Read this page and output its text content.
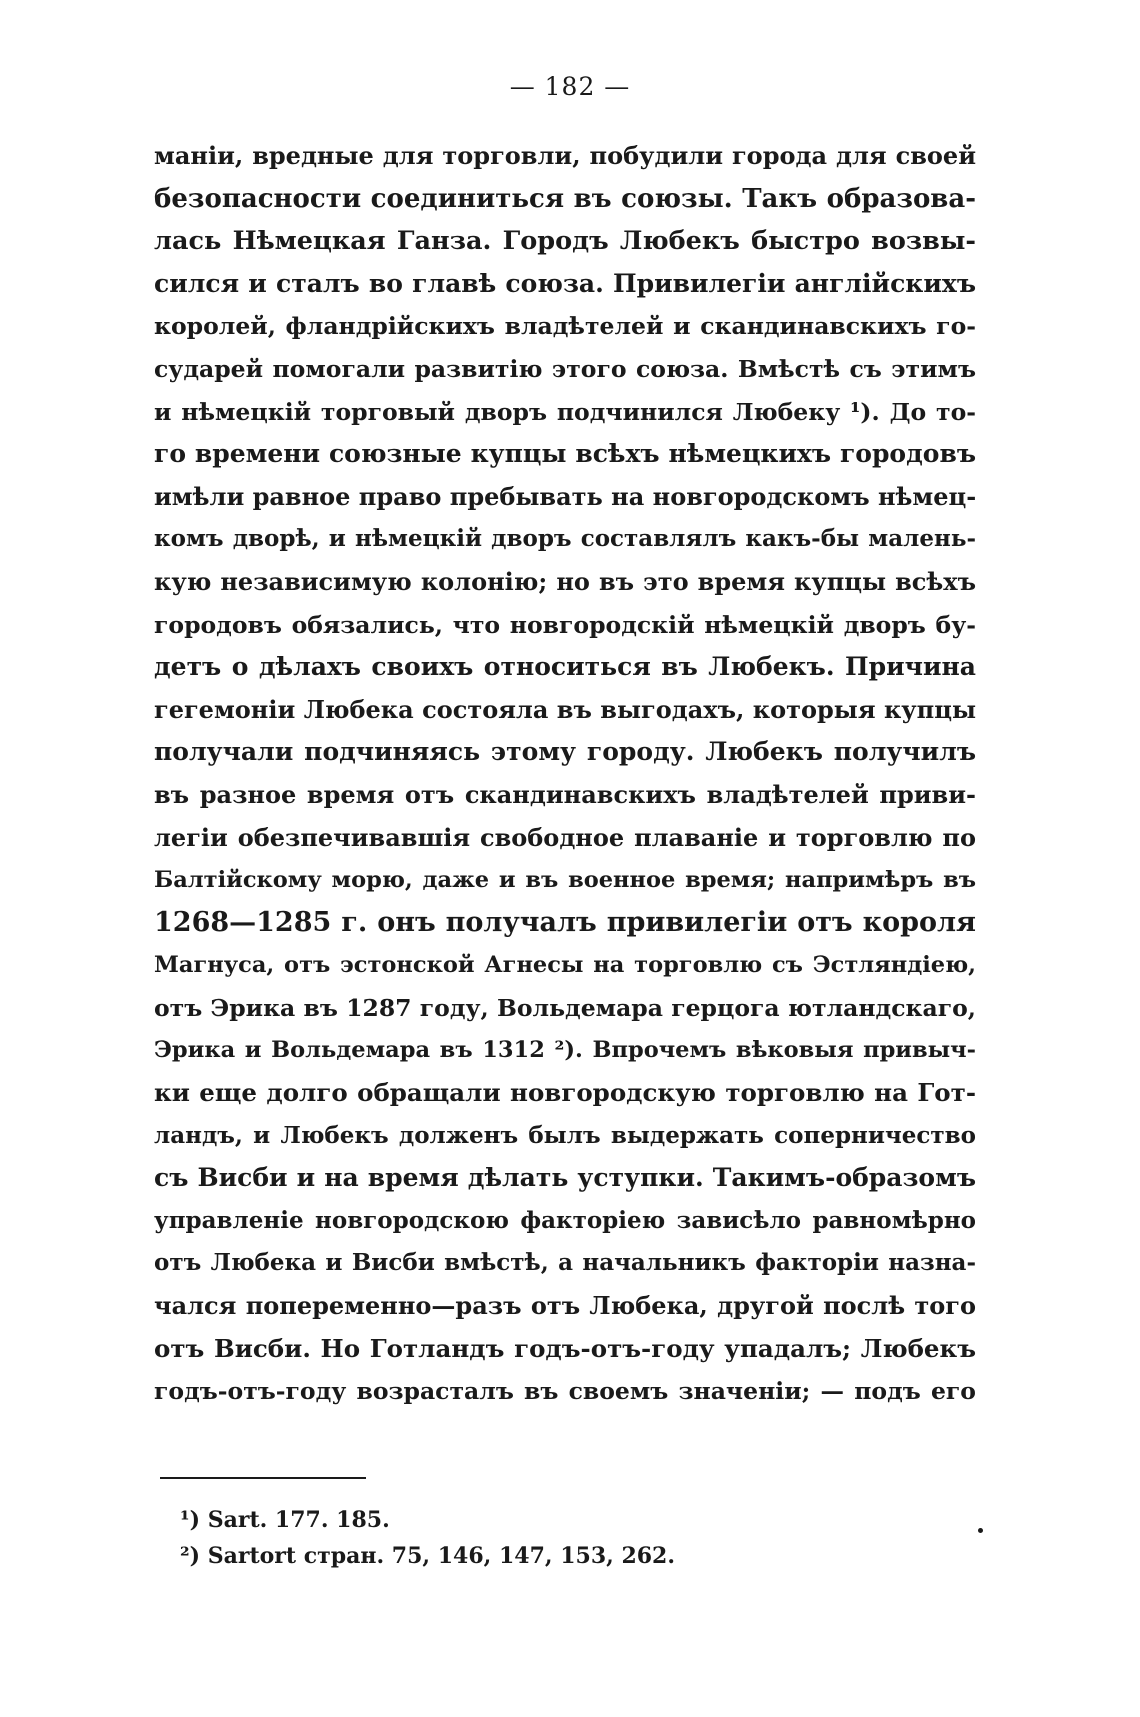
— 182 —
маніи, вредные для торговли, побудили города для своей
безопасности соединиться въ союзы. Такъ образова-
лась Нѣмецкая Ганза. Городъ Любекъ быстро возвы-
сился и сталъ во главѣ союза. Привилегіи англійскихъ
королей, фландрійскихъ владѣтелей и скандинавскихъ го-
сударей помогали развитію этого союза. Вмѣстѣ съ этимъ
и нѣмецкій торговый дворъ подчинился Любеку ¹). До то-
го времени союзные купцы всѣхъ нѣмецкихъ городовъ
имѣли равное право пребывать на новгородскомъ нѣмец-
комъ дворѣ, и нѣмецкій дворъ составлялъ какъ-бы малень-
кую независимую колонію; но въ это время купцы всѣхъ
городовъ обязались, что новгородскій нѣмецкій дворъ бу-
детъ о дѣлахъ своихъ относиться въ Любекъ. Причина
гегемоніи Любека состояла въ выгодахъ, которыя купцы
получали подчиняясь этому городу. Любекъ получилъ
въ разное время отъ скандинавскихъ владѣтелей приви-
легіи обезпечивавшія свободное плаваніе и торговлю по
Балтійскому морю, даже и въ военное время; напримѣръ въ
1268—1285 г. онъ получалъ привилегіи отъ короля
Магнуса, отъ эстонской Агнесы на торговлю съ Эстляндіею,
отъ Эрика въ 1287 году, Вольдемара герцога ютландскаго,
Эрика и Вольдемара въ 1312 ²). Впрочемъ вѣковыя привыч-
ки еще долго обращали новгородскую торговлю на Гот-
ландъ, и Любекъ долженъ былъ выдержать соперничество
съ Висби и на время дѣлать уступки. Такимъ-образомъ
управленіе новгородскою факторіею зависѣло равномѣрно
отъ Любека и Висби вмѣстѣ, а начальникъ факторіи назна-
чался попеременно—разъ отъ Любека, другой послѣ того
отъ Висби. Но Готландъ годъ-отъ-году упадалъ; Любекъ
годъ-отъ-году возрасталъ въ своемъ значеніи; — подъ его
¹) Sart. 177. 185.
²) Sartort стран. 75, 146, 147, 153, 262.
